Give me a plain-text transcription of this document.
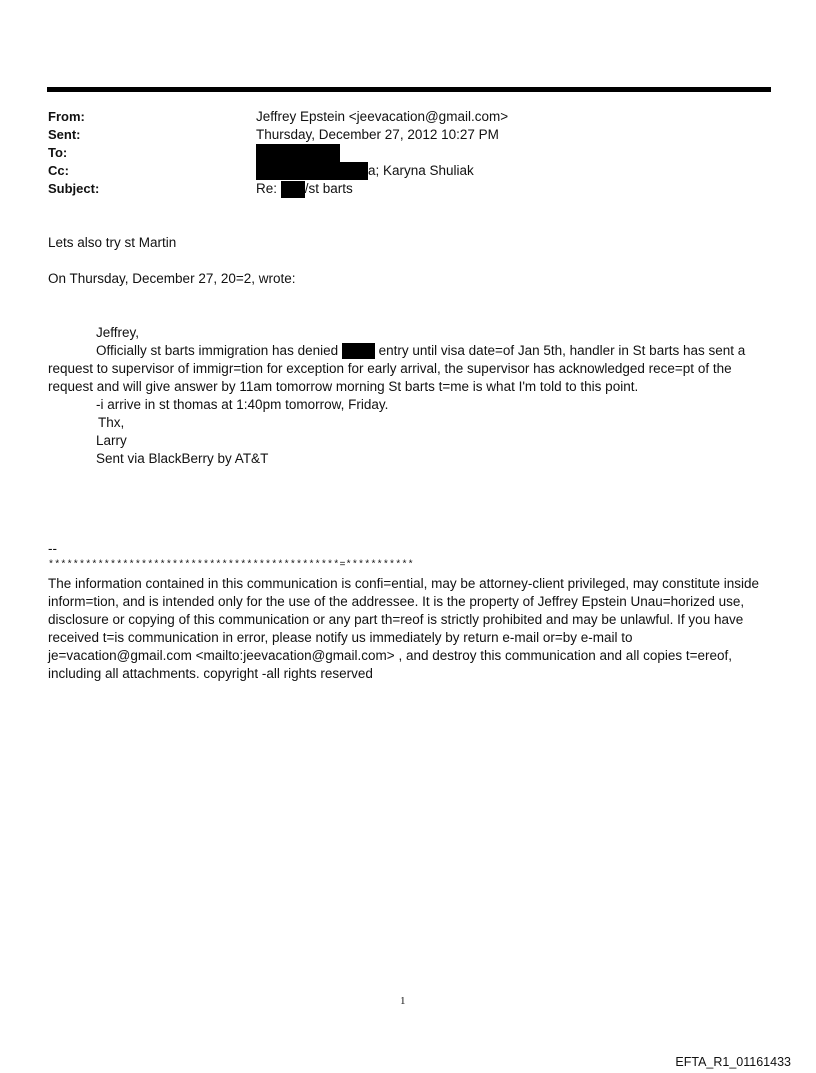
From:
Sent:
To:
Cc:
Subject:
Jeffrey Epstein <jeevacation@gmail.com>
Thursday, December 27, 2012 10:27 PM
a; Karyna Shuliak
Re: /st barts
Lets also try st Martin
On Thursday, December 27, 20=2, wrote:
Jeffrey,
Officially st barts immigration has denied	entry until visa date=of Jan 5th, handler in St barts has sent a
request to supervisor of immigr=tion for exception for early arrival, the supervisor has acknowledged rece=pt of the
request and will give answer by 11am tomorrow morning St barts t=me is what I'm told to this point.
-i arrive in st thomas at 1:40pm tomorrow, Friday.
Thx,
Larry
Sent via BlackBerry by AT&T
--
***********************************************=***********
The information contained in this communication is confi=ential, may be attorney-client privileged, may constitute inside inform=tion, and is intended only for the use of the addressee. It is the property of Jeffrey Epstein Unau=horized use, disclosure or copying of this communication or any part th=reof is strictly prohibited and may be unlawful. If you have received t=is communication in error, please notify us immediately by return e-mail or=by e-mail to je=vacation@gmail.com <mailto:jeevacation@gmail.com> , and destroy this communication and all copies t=ereof, including all attachments. copyright -all rights reserved
1
EFTA_R1_01161433
